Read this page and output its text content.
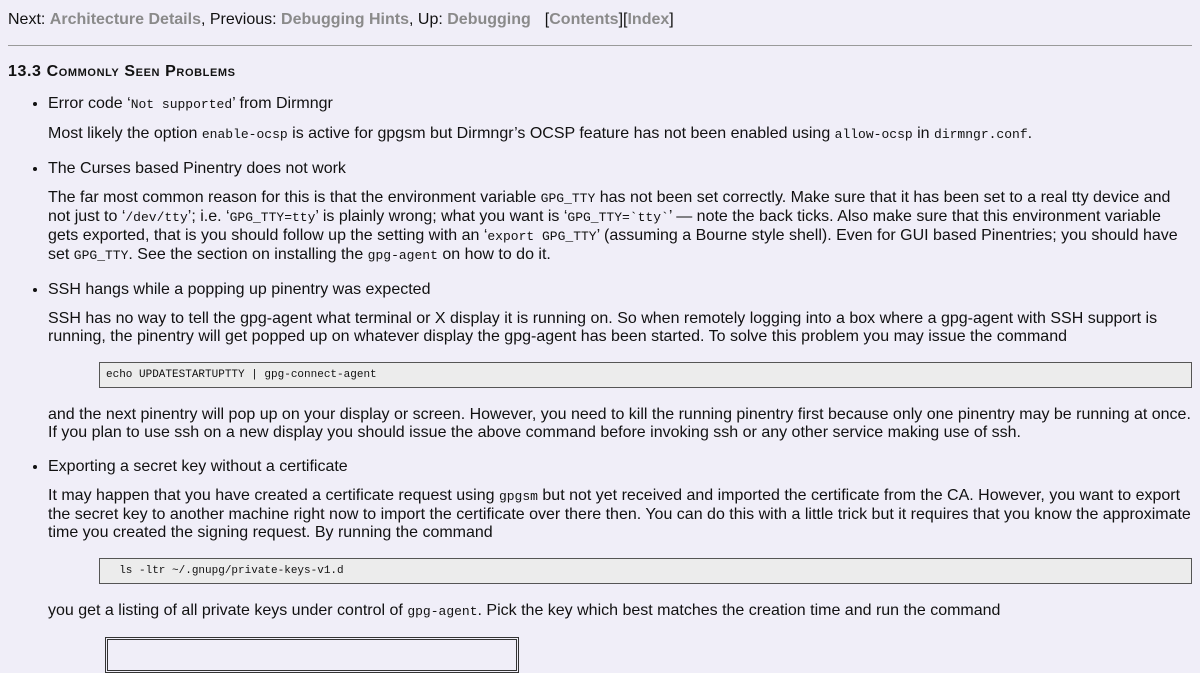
Next: Architecture Details, Previous: Debugging Hints, Up: Debugging [Contents][Index]
13.3 Commonly Seen Problems
• Error code ‘Not supported’ from Dirmngr
Most likely the option enable-ocsp is active for gpgsm but Dirmngr’s OCSP feature has not been enabled using allow-ocsp in dirmngr.conf.
• The Curses based Pinentry does not work
The far most common reason for this is that the environment variable GPG_TTY has not been set correctly. Make sure that it has been set to a real tty device and not just to ‘/dev/tty’; i.e. ‘GPG_TTY=tty’ is plainly wrong; what you want is ‘GPG_TTY=`tty`’ — note the back ticks. Also make sure that this environment variable gets exported, that is you should follow up the setting with an ‘export GPG_TTY’ (assuming a Bourne style shell). Even for GUI based Pinentries; you should have set GPG_TTY. See the section on installing the gpg-agent on how to do it.
• SSH hangs while a popping up pinentry was expected
SSH has no way to tell the gpg-agent what terminal or X display it is running on. So when remotely logging into a box where a gpg-agent with SSH support is running, the pinentry will get popped up on whatever display the gpg-agent has been started. To solve this problem you may issue the command
echo UPDATESTARTUPTTY | gpg-connect-agent
and the next pinentry will pop up on your display or screen. However, you need to kill the running pinentry first because only one pinentry may be running at once. If you plan to use ssh on a new display you should issue the above command before invoking ssh or any other service making use of ssh.
• Exporting a secret key without a certificate
It may happen that you have created a certificate request using gpgsm but not yet received and imported the certificate from the CA. However, you want to export the secret key to another machine right now to import the certificate over there then. You can do this with a little trick but it requires that you know the approximate time you created the signing request. By running the command
ls -ltr ~/.gnupg/private-keys-v1.d
you get a listing of all private keys under control of gpg-agent. Pick the key which best matches the creation time and run the command
